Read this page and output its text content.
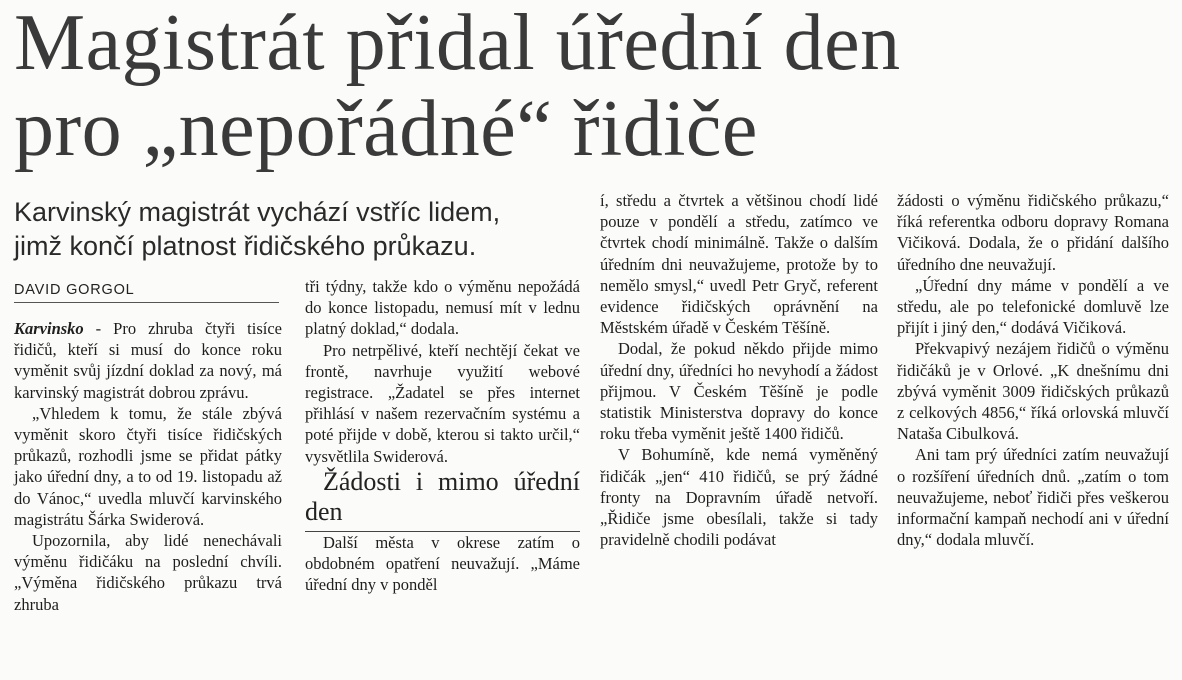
Magistrát přidal úřední den
pro „nepořádné“ řidiče
Karvinský magistrát vychází vstříc lidem,
jimž končí platnost řidičského průkazu.
DAVID GORGOL

Karvinsko - Pro zhruba čtyři tisíce řidičů, kteří si musí do konce roku vyměnit svůj jízdní doklad za nový, má karvinský magistrát dobrou zprávu.

„Vhledem k tomu, že stále zbývá vyměnit skoro čtyři tisíce řidičských průkazů, rozhodli jsme se přidat pátky jako úřední dny, a to od 19. listopadu až do Vánoc,“ uvedla mluvčí karvinského magistrátu Šárka Swiderová.

Upozornila, aby lidé nenechávali výměnu řidičáku na poslední chvíli. „Výměna řidičského průkazu trvá zhruba

tři týdny, takže kdo o výměnu nepožádá do konce listopadu, nemusí mít v lednu platný doklad,“ dodala.

Pro netrpělivé, kteří nechtějí čekat ve frontě, navrhuje využití webové registrace. „Žadatel se přes internet přihlásí v našem rezervačním systému a poté přijde v době, kterou si takto určil,“ vysvětlila Swiderová.

Žádosti i mimo úřední den

Další města v okrese zatím o obdobném opatření neuvažují. „Máme úřední dny v ponděl

í, středu a čtvrtek a většinou chodí lidé pouze v pondělí a středu, zatímco ve čtvrtek chodí minimálně. Takže o dalším úředním dni neuvažujeme, protože by to nemělo smysl,“ uvedl Petr Gryč, referent evidence řidičských oprávnění na Městském úřadě v Českém Těšíně.

Dodal, že pokud někdo přijde mimo úřední dny, úředníci ho nevyhodí a žádost přijmou. V Českém Těšíně je podle statistik Ministerstva dopravy do konce roku třeba vyměnit ještě 1400 řidičů.

V Bohumíně, kde nemá vyměněný řidičák „jen“ 410 řidičů, se prý žádné fronty na Dopravním úřadě netvoří. „Řidiče jsme obesílali, takže si tady pravidelně chodili podávat

žádosti o výměnu řidičského průkazu,“ říká referentka odboru dopravy Romana Vičiková. Dodala, že o přidání dalšího úředního dne neuvažují.

„Úřední dny máme v pondělí a ve středu, ale po telefonické domluvě lze přijít i jiný den,“ dodává Vičiková.

Překvapivý nezájem řidičů o výměnu řidičáků je v Orlové. „K dnešnímu dni zbývá vyměnit 3009 řidičských průkazů z celkových 4856,“ říká orlovská mluvčí Nataša Cibulková.

Ani tam prý úředníci zatím neuvažují o rozšíření úředních dnů. „zatím o tom neuvažujeme, neboť řidiči přes veškerou informační kampaň nechodí ani v úřední dny,“ dodala mluvčí.
